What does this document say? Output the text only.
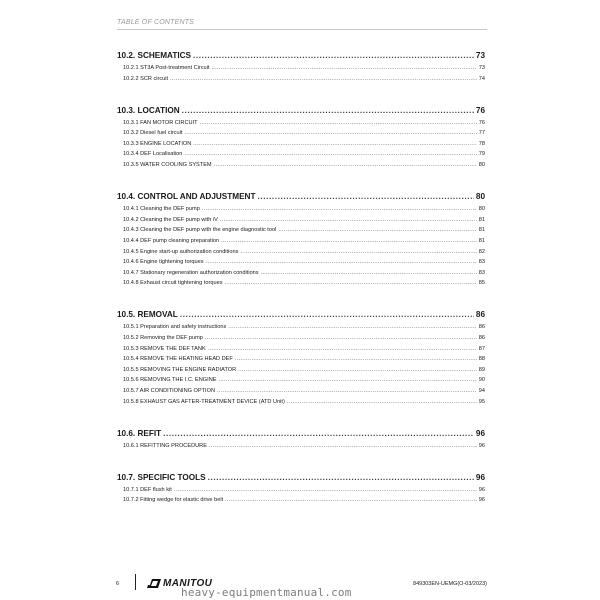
TABLE OF CONTENTS
10.2. SCHEMATICS .....	73
10.2.1 ST3A Post-treatment Circuit .....	73
10.2.2 SCR circuit .....	74
10.3. LOCATION .....	76
10.3.1 FAN MOTOR CIRCUIT .....	76
10.3.2 Diesel fuel circuit .....	77
10.3.3 ENGINE LOCATION .....	78
10.3.4 DEF Localisation .....	79
10.3.5 WATER COOLING SYSTEM .....	80
10.4. CONTROL AND ADJUSTMENT .....	80
10.4.1 Cleaning the DEF pump .....	80
10.4.2 Cleaning the DEF pump with iV .....	81
10.4.3 Cleaning the DEF pump with the engine diagnostic tool .....	81
10.4.4 DEF pump cleaning preparation .....	81
10.4.5 Engine start-up authorization conditions .....	82
10.4.6 Engine tightening torques .....	83
10.4.7 Stationary regeneration authorization conditions .....	83
10.4.8 Exhaust circuit tightening torques .....	85
10.5. REMOVAL .....	86
10.5.1 Preparation and safety instructions .....	86
10.5.2 Removing the DEF pump .....	86
10.5.3 REMOVE THE DEF TANK .....	87
10.5.4 REMOVE THE HEATING HEAD DEF .....	88
10.5.5 REMOVING THE ENGINE RADIATOR .....	89
10.5.6 REMOVING THE I.C. ENGINE .....	90
10.5.7 AIR CONDITIONING OPTION .....	94
10.5.8 EXHAUST GAS AFTER-TREATMENT DEVICE (ATD Unit) .....	95
10.6. REFIT .....	96
10.6.1 REFITTING PROCEDURE .....	96
10.7. SPECIFIC TOOLS .....	96
10.7.1 DEF flush kit .....	96
10.7.2 Fitting wedge for elastic drive belt .....	96
6	MANITOU	849303EN-UEMG(O-03/2023)
heavy-equipmentmanual.com
